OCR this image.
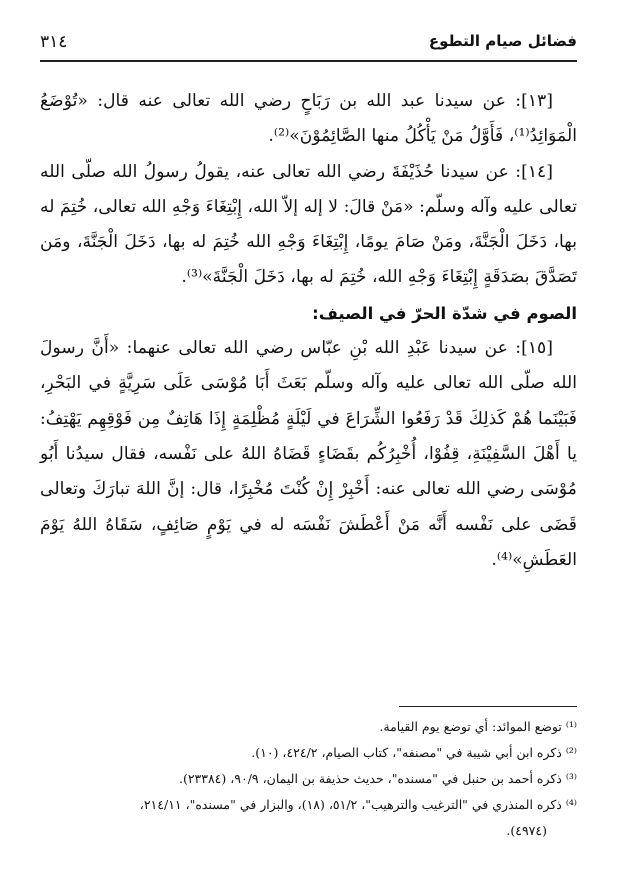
فضائل صيام التطوع
٣١٤

[١٣]: عن سيدنا عبد الله بن رَبَاحٍ رضي الله تعالى عنه قال: «تُوْضَعُ الْمَوَائِدُ⁽¹⁾، فَأَوَّلُ مَنْ يَأْكُلُ منها الصَّائِمُوْنَ»⁽²⁾.

[١٤]: عن سيدنا حُذَيْفَةَ رضي الله تعالى عنه، يقولُ رسولُ الله صلّى الله تعالى عليه وآله وسلّم: «مَنْ قالَ: لا إله إلاّ الله، إِبْتِغَاءَ وَجْهِ الله تعالى، خُتِمَ له بها، دَخَلَ الْجَنَّةَ، ومَنْ صَامَ يومًا، إِبْتِغَاءَ وَجْهِ الله خُتِمَ له بها، دَخَلَ الْجَنَّةَ، ومَن تَصَدَّقَ بصَدَقَةٍ إِبْتِغَاءَ وَجْهِ الله، خُتِمَ له بها، دَخَلَ الْجَنَّةَ»⁽³⁾.

الصوم في شدّة الحرّ في الصيف:

[١٥]: عن سيدنا عَبْدِ الله بْنِ عبّاس رضي الله تعالى عنهما: «أَنَّ رسولَ الله صلّى الله تعالى عليه وآله وسلّم بَعَثَ أَبَا مُوْسَى عَلَى سَرِيَّةٍ في البَحْرِ، فَبَيْنَما هُمْ كَذلِكَ قَدْ رَفَعُوا الشِّرَاعَ في لَيْلَةٍ مُظْلِمَةٍ إِذَا هَاتِفٌ مِن فَوْقِهِم يَهْتِفُ: يا أَهْلَ السَّفِيْنَةِ، قِفُوْا، أُخْبِرُكُم بقَضَاءٍ قَضَاهُ اللهُ على نَفْسه، فقال سيدُنا أَبُو مُوْسَى رضي الله تعالى عنه: أَخْبِرْ إِنْ كُنْتَ مُخْبِرًا، قال: إنَّ اللهَ تبارَكَ وتعالى قَضَى على نَفْسه أَنَّه مَنْ أَعْطَشَ نَفْسَه له في يَوْمٍ صَائِفٍ، سَقَاهُ اللهُ يَوْمَ العَطَشِ»⁽⁴⁾.

⁽¹⁾ توضع الموائد: أي توضع يوم القيامة.

⁽²⁾ ذكره ابن أبي شيبة في "مصنفه"، كتاب الصيام، ٤٢٤/٢، (١٠).

⁽³⁾ ذكره أحمد بن حنبل في "مسنده"، حديث حذيفة بن اليمان، ٩٠/٩، (٢٣٣٨٤).

⁽⁴⁾ ذكره المنذري في "الترغيب والترهيب"، ٥١/٢، (١٨)، والبزار في "مسنده"، ٢١٤/١١،

(٤٩٧٤).
